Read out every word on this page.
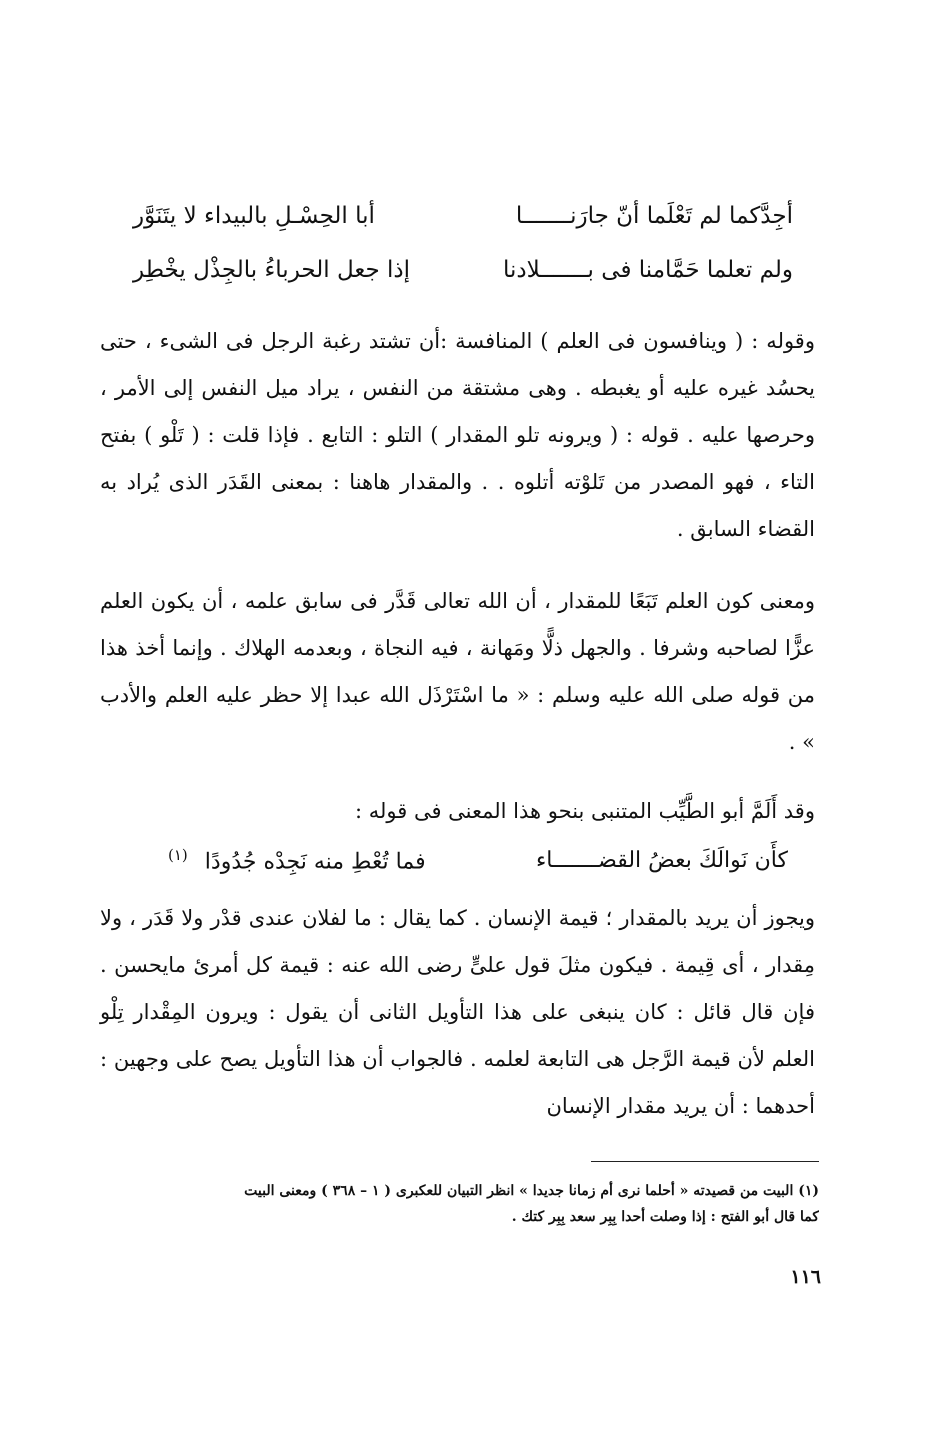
أجِدَّكما لم تَعْلَما أنّ جارَنـــــــا
أبا الحِسْـلِ بالبيداء لا يتَنَوَّر
ولم تعلما حَمَّامنا فى بـــــــلادنا
إذا جعل الحرباءُ بالجِذْل يخْطِر

وقوله : ( وينافسون فى العلم ) المنافسة :أن تشتد رغبة الرجل فى الشىء ، حتى يحسُد غيره عليه أو يغبطه . وهى مشتقة من النفس ، يراد ميل النفس إلى الأمر ، وحرصها عليه . قوله : ( ويرونه تلو المقدار ) التلو : التابع . فإذا قلت : ( تَلْو ) بفتح التاء ، فهو المصدر من تَلوْته أتلوه . . والمقدار هاهنا : بمعنى القَدَر الذى يُراد به القضاء السابق .

ومعنى كون العلم تَبَعًا للمقدار ، أن الله تعالى قَدَّر فى سابق علمه ، أن يكون العلم عزًّا لصاحبه وشرفا . والجهل ذلًّا ومَهانة ، فيه النجاة ، وبعدمه الهلاك . وإنما أخذ هذا من قوله صلى الله عليه وسلم : « ما اسْتَرْذَل الله عبدا إلا حظر عليه العلم والأدب » .

وقد أَلَمَّ أبو الطَّيِّب المتنبى بنحو هذا المعنى فى قوله :

كأَن نَوالَكَ بعضُ القضـــــــاء
فما تُعْطِ منه نَجِدْه جُدُودًا $^{(١)}$

ويجوز أن يريد بالمقدار ؛ قيمة الإنسان . كما يقال : ما لفلان عندى قدْر ولا قَدَر ، ولا مِقدار ، أى قِيمة . فيكون مثلَ قول علىٍّ رضى الله عنه : قيمة كل أمرئ مايحسن . فإن قال قائل : كان ينبغى على هذا التأويل الثانى أن يقول : ويرون المِقْدار تِلْو العلم لأن قيمة الرَّجل هى التابعة لعلمه . فالجواب أن هذا التأويل يصح على وجهين : أحدهما : أن يريد مقدار الإنسان

(١) البيت من قصيدته « أحلما نرى أم زمانا جديدا » انظر التبيان للعكبرى ( ١ – ٣٦٨ ) ومعنى البيت
كما قال أبو الفتح : إذا وصلت أحدا بِبِر سعد بِبِر كتك .
١١٦
